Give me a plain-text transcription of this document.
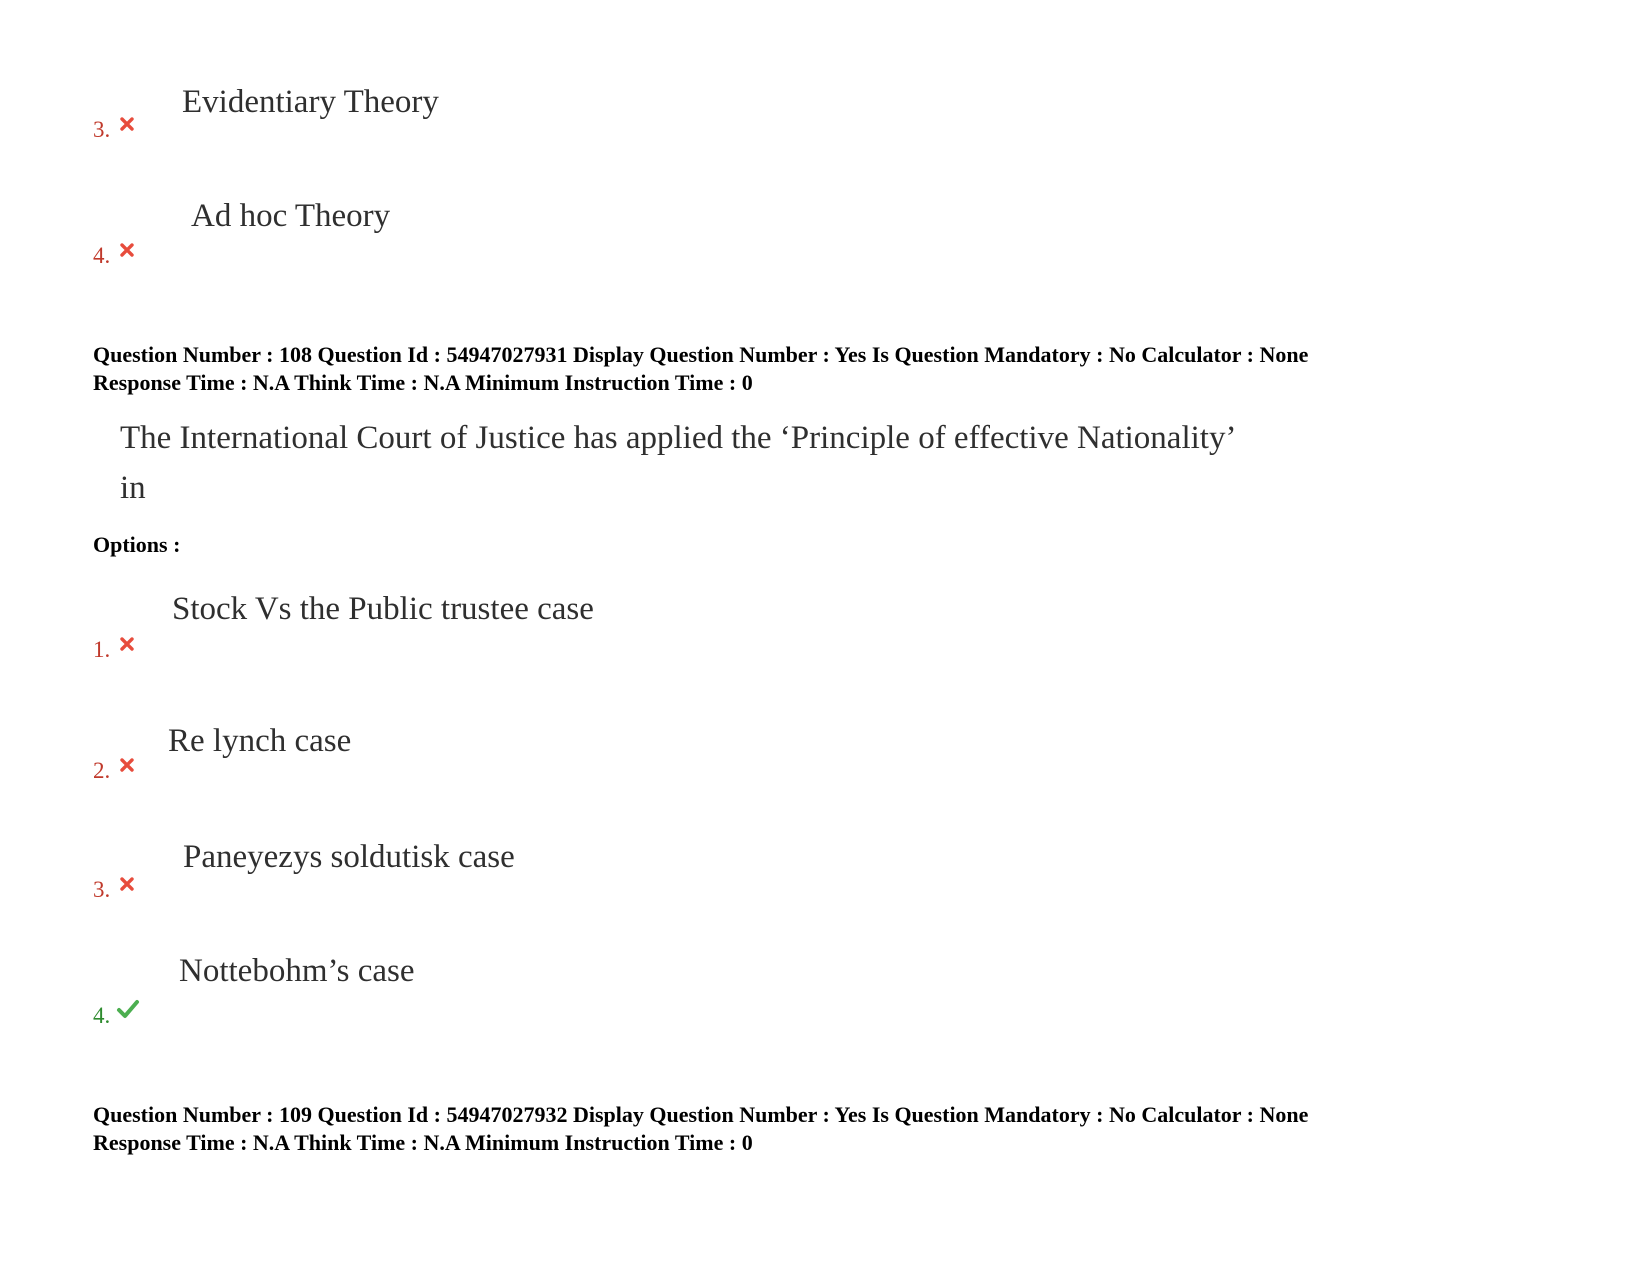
Evidentiary Theory
3.
Ad hoc Theory
4.
Question Number : 108 Question Id : 54947027931 Display Question Number : Yes Is Question Mandatory : No Calculator : None
Response Time : N.A Think Time : N.A Minimum Instruction Time : 0
The International Court of Justice has applied the ‘Principle of effective Nationality’
in
Options :
Stock Vs the Public trustee case
1.
Re lynch case
2.
Paneyezys soldutisk case
3.
Nottebohm’s case
4.
Question Number : 109 Question Id : 54947027932 Display Question Number : Yes Is Question Mandatory : No Calculator : None
Response Time : N.A Think Time : N.A Minimum Instruction Time : 0
